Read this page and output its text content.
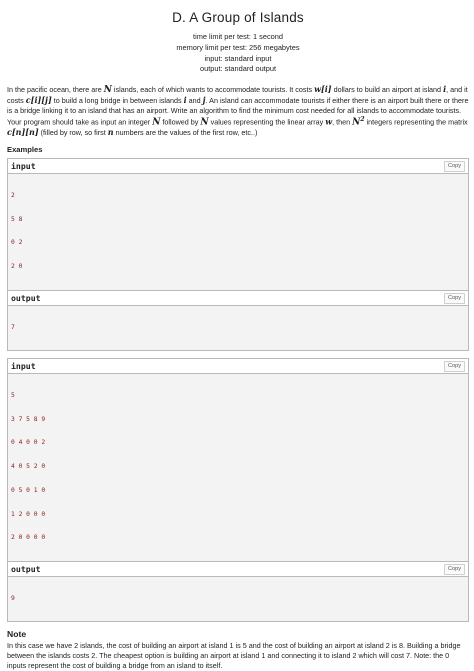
D. A Group of Islands
time limit per test: 1 second
memory limit per test: 256 megabytes
input: standard input
output: standard output

In the pacific ocean, there are N islands, each of which wants to accommodate tourists. It costs w[i] dollars to build an airport at island i, and it costs c[i][j] to build a long bridge in between islands i and j. An island can accommodate tourists if either there is an airport built there or there is a bridge linking it to an island that has an airport. Write an algorithm to find the minimum cost needed for all islands to accommodate tourists. Your program should take as input an integer N followed by N values representing the linear array w, then $N^2$ integers representing the matrix c[n][n] (filled by row, so first n numbers are the values of the first row, etc..)

Examples
input	Copy

2

5 8

0 2

2 0

output	Copy

7

input	Copy

5

3 7 5 8 9

0 4 0 0 2

4 0 5 2 0

0 5 0 1 0

1 2 0 0 0

2 0 0 0 0

output	Copy

9

Note
In this case we have 2 islands, the cost of building an airport at island 1 is 5 and the cost of building an airport at island 2 is 8. Building a bridge between the islands costs 2. The cheapest option is building an airport at island 1 and connecting it to island 2 which will cost 7. Note: the 0 inputs represent the cost of building a bridge from an island to itself.
